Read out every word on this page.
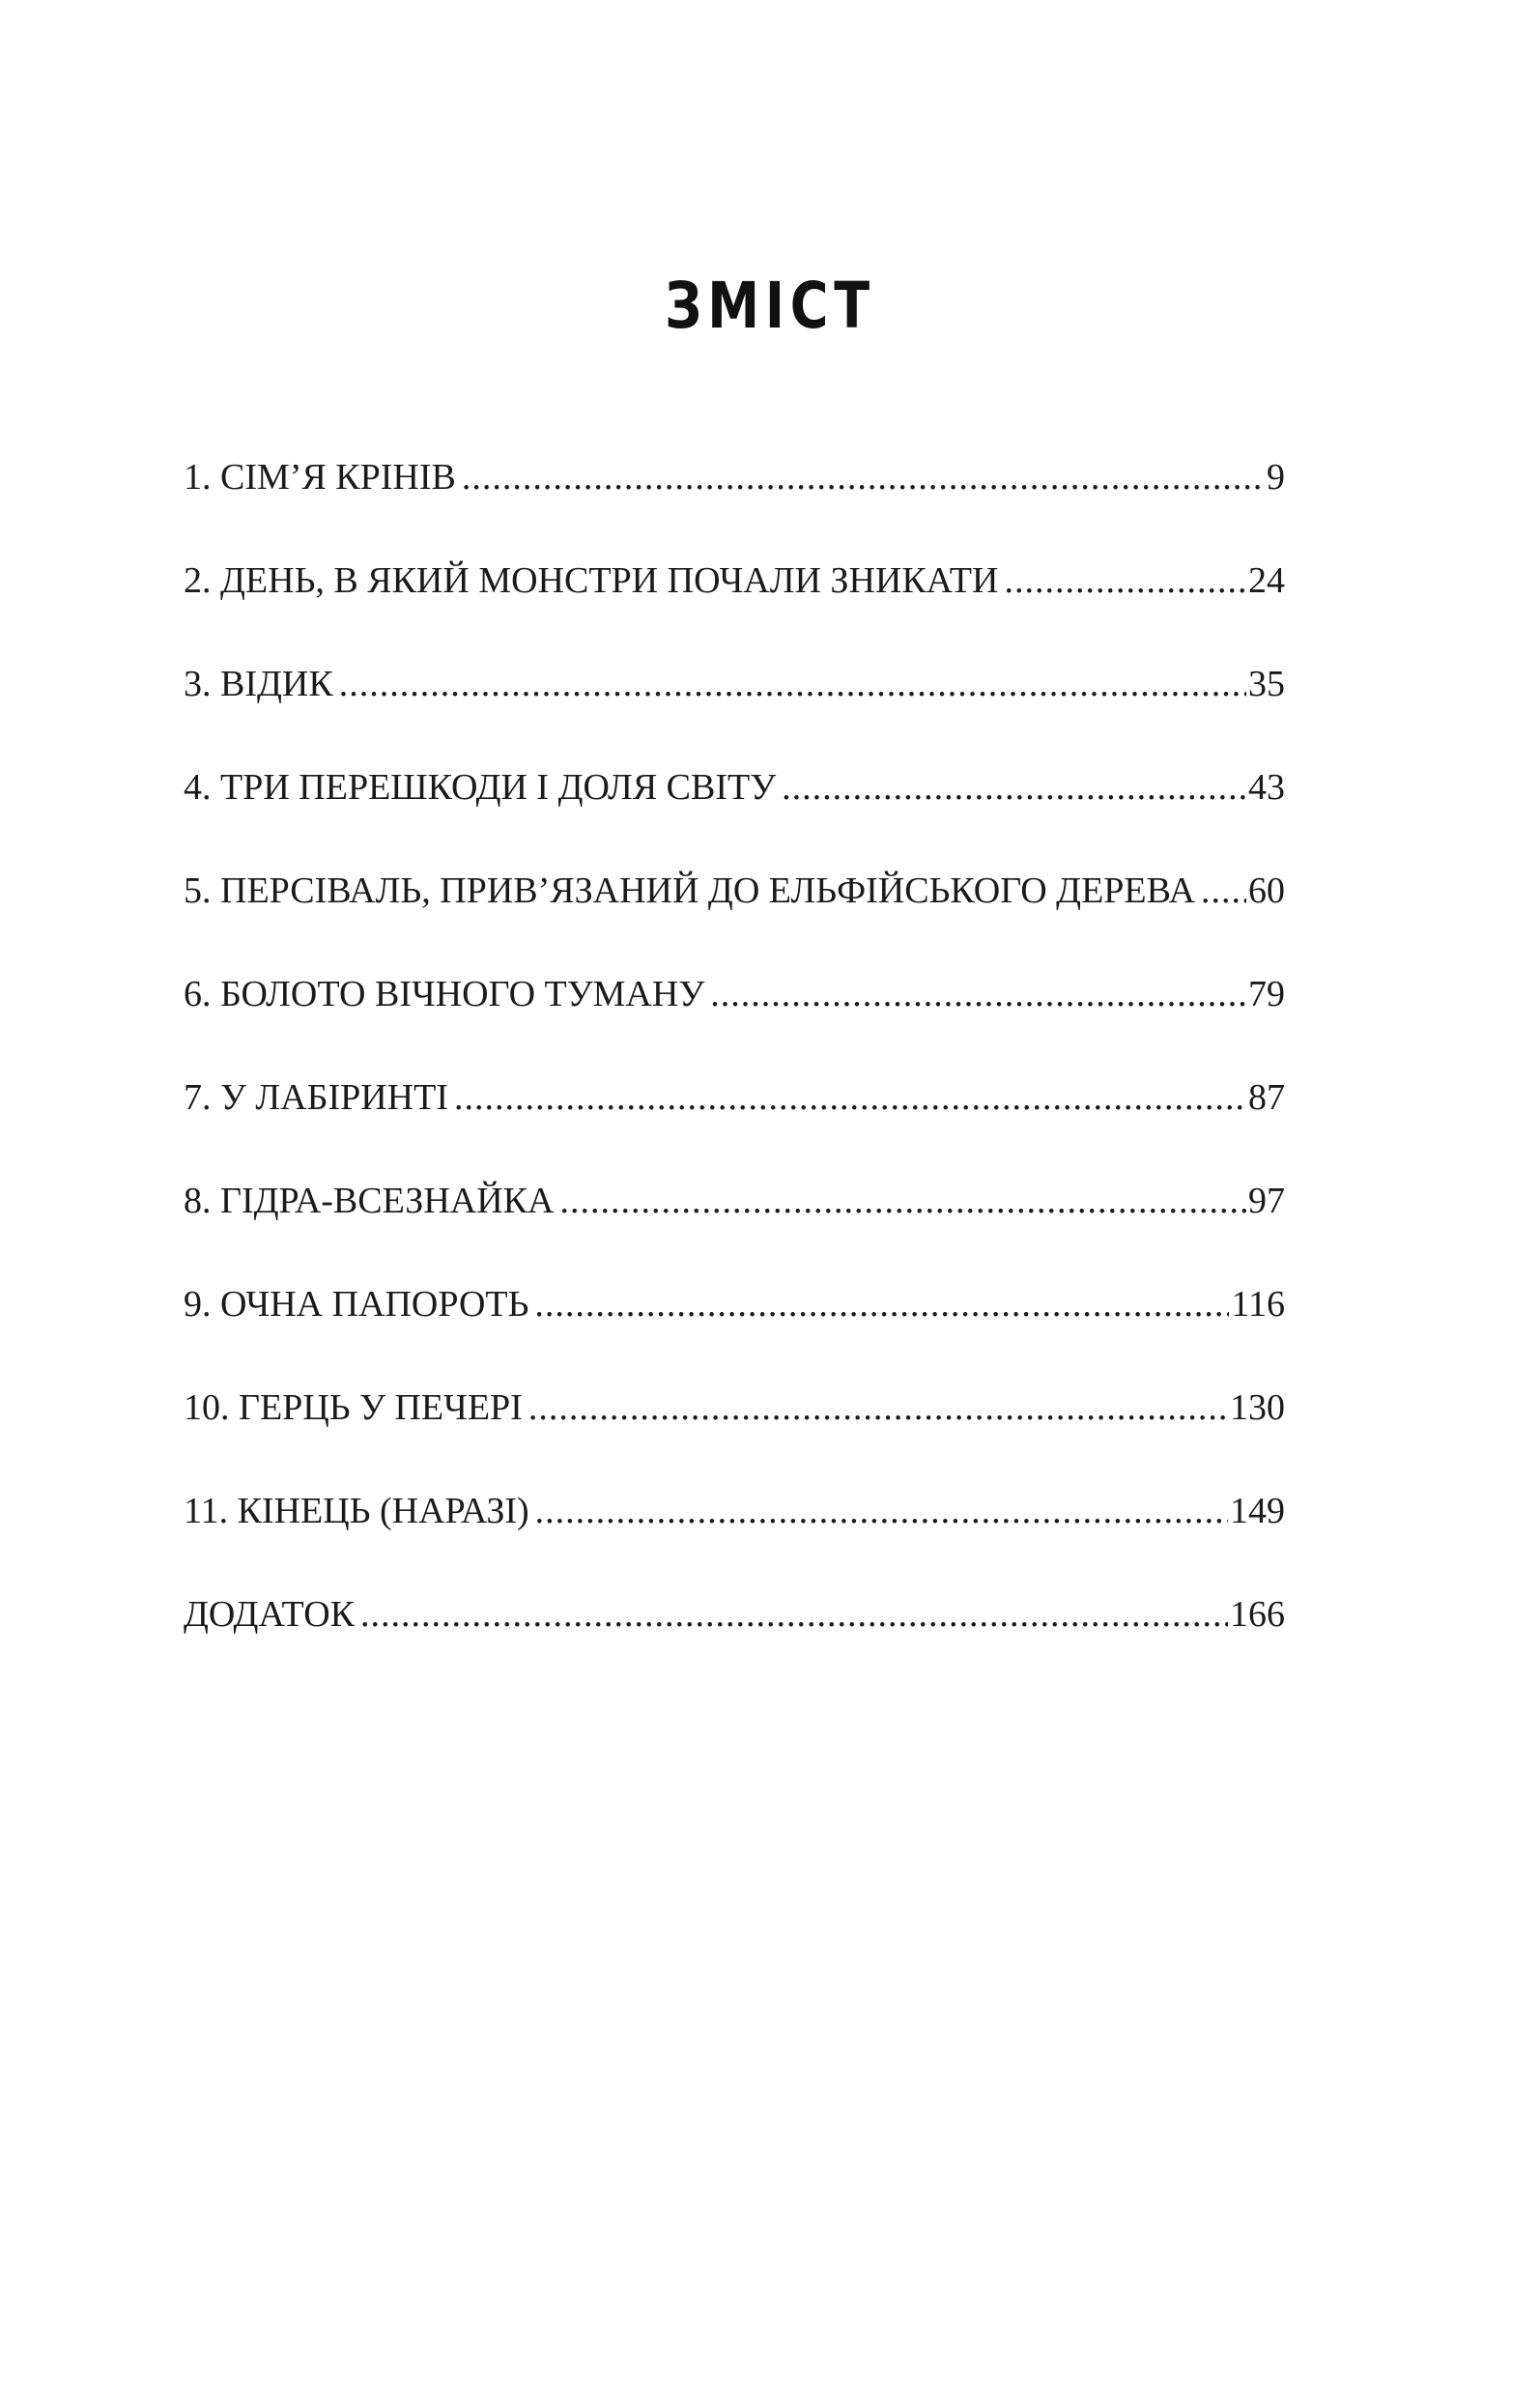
ЗМІСТ
1. СІМ’Я КРІНІВ .....	9
2. ДЕНЬ, В ЯКИЙ МОНСТРИ ПОЧАЛИ ЗНИКАТИ .....	24
3. ВІДИК .....	35
4. ТРИ ПЕРЕШКОДИ І ДОЛЯ СВІТУ .....	43
5. ПЕРСІВАЛЬ, ПРИВ’ЯЗАНИЙ ДО ЕЛЬФІЙСЬКОГО ДЕРЕВА ..... 60
6. БОЛОТО ВІЧНОГО ТУМАНУ .....	79
7. У ЛАБІРИНТІ .....	87
8. ГІДРА-ВСЕЗНАЙКА .....	97
9. ОЧНА ПАПОРОТЬ .....	116
10. ГЕРЦЬ У ПЕЧЕРІ .....	130
11. КІНЕЦЬ (НАРАЗІ) .....	149
ДОДАТОК .....	166
